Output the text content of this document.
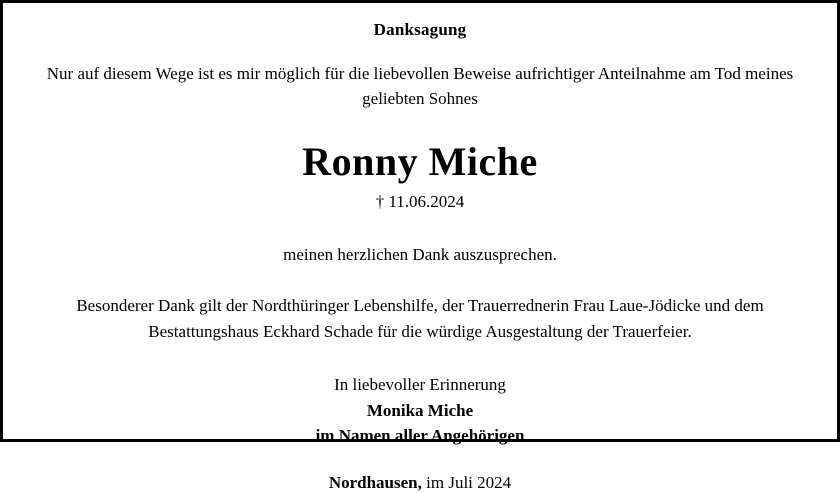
Danksagung
Nur auf diesem Wege ist es mir möglich für die liebevollen Beweise aufrichtiger Anteilnahme am Tod meines
geliebten Sohnes
Ronny Miche
† 11.06.2024
meinen herzlichen Dank auszusprechen.
Besonderer Dank gilt der Nordthüringer Lebenshilfe, der Trauerrednerin Frau Laue-Jödicke und dem
Bestattungshaus Eckhard Schade für die würdige Ausgestaltung der Trauerfeier.
In liebevoller Erinnerung
Monika Miche
im Namen aller Angehörigen
Nordhausen, im Juli 2024
